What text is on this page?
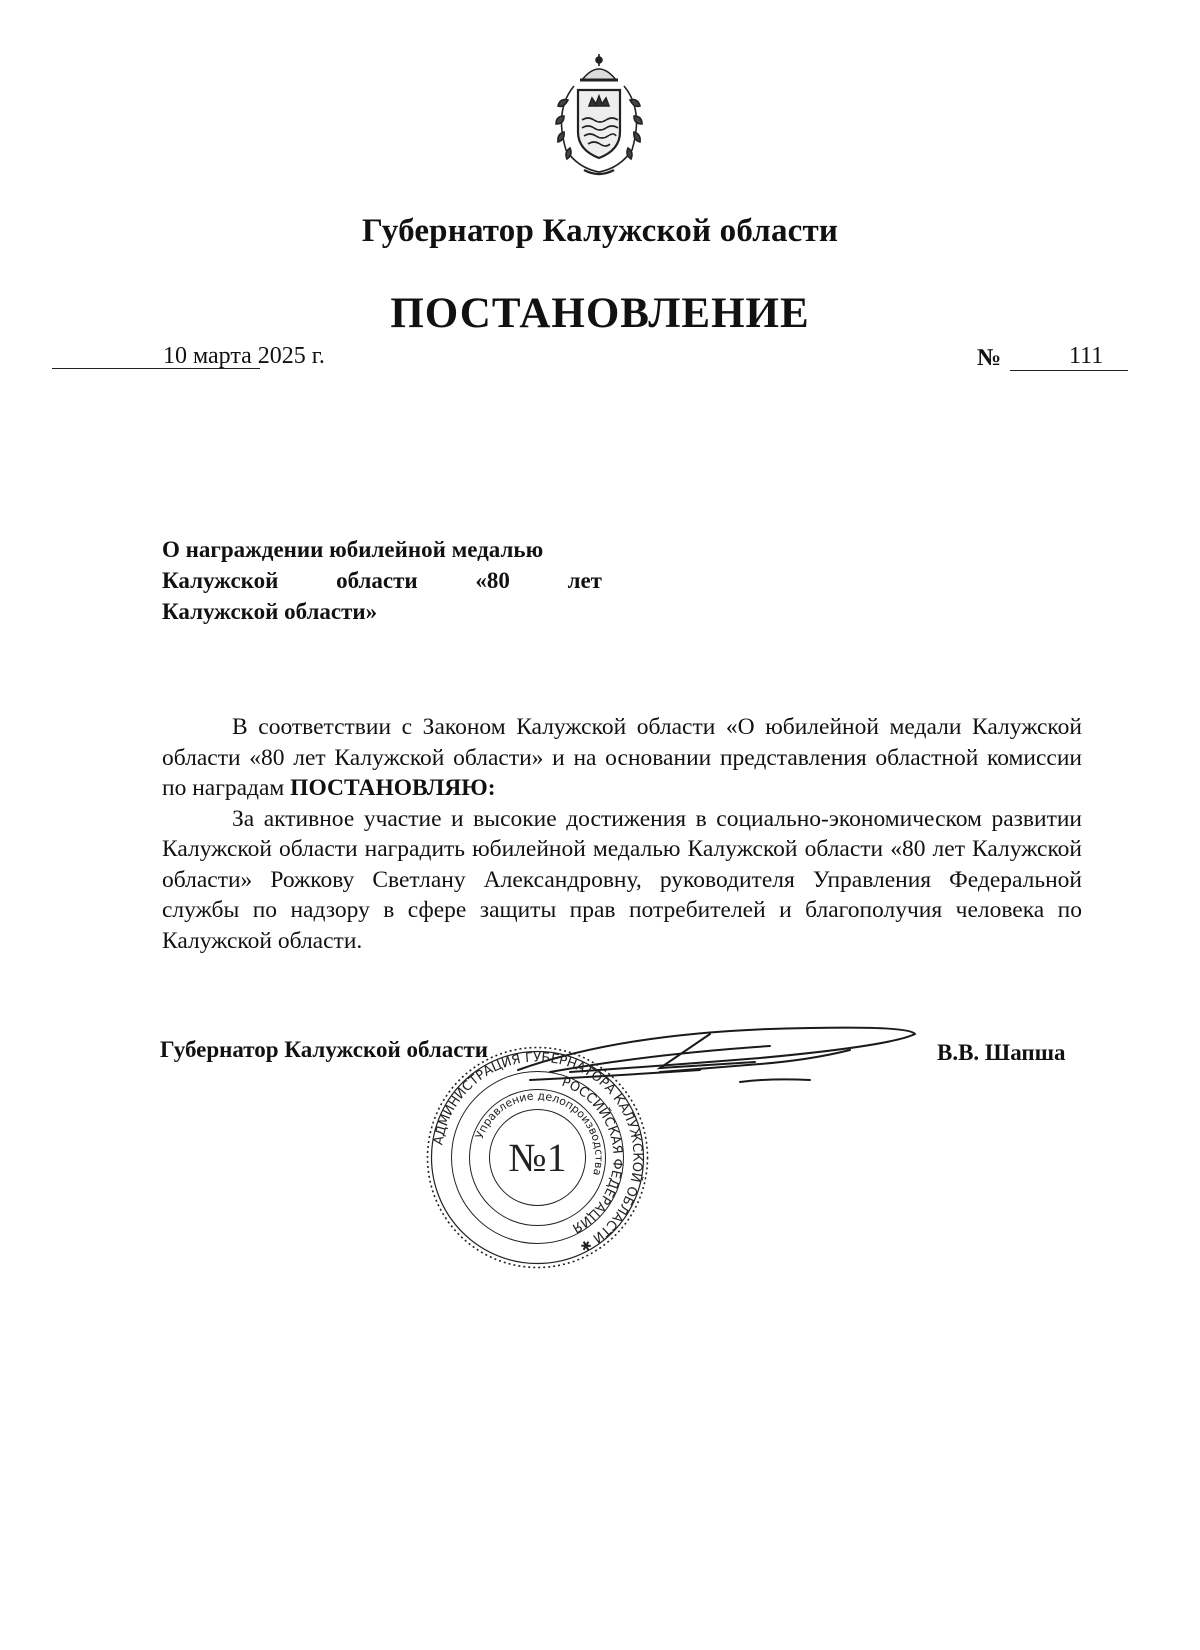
Губернатор Калужской области
ПОСТАНОВЛЕНИЕ
10 марта 2025 г.	№	111
О награждении юбилейной медалью
Калужской	области	«80	лет
Калужской области»

В соответствии с Законом Калужской области «О юбилейной медали Калужской области «80 лет Калужской области» и на основании представления областной комиссии по наградам ПОСТАНОВЛЯЮ:

За активное участие и высокие достижения в социально-экономическом развитии Калужской области наградить юбилейной медалью Калужской области «80 лет Калужской области» Рожкову Светлану Александровну, руководителя Управления Федеральной службы по надзору в сфере защиты прав потребителей и благополучия человека по Калужской области.

Губернатор Калужской области	В.В. Шапша
АДМИНИСТРАЦИЯ ГУБЕРНАТОРА КАЛУЖСКОЙ ОБЛАСТИ ✱
РОССИЙСКАЯ ФЕДЕРАЦИЯ
Управление делопроизводства
№1
